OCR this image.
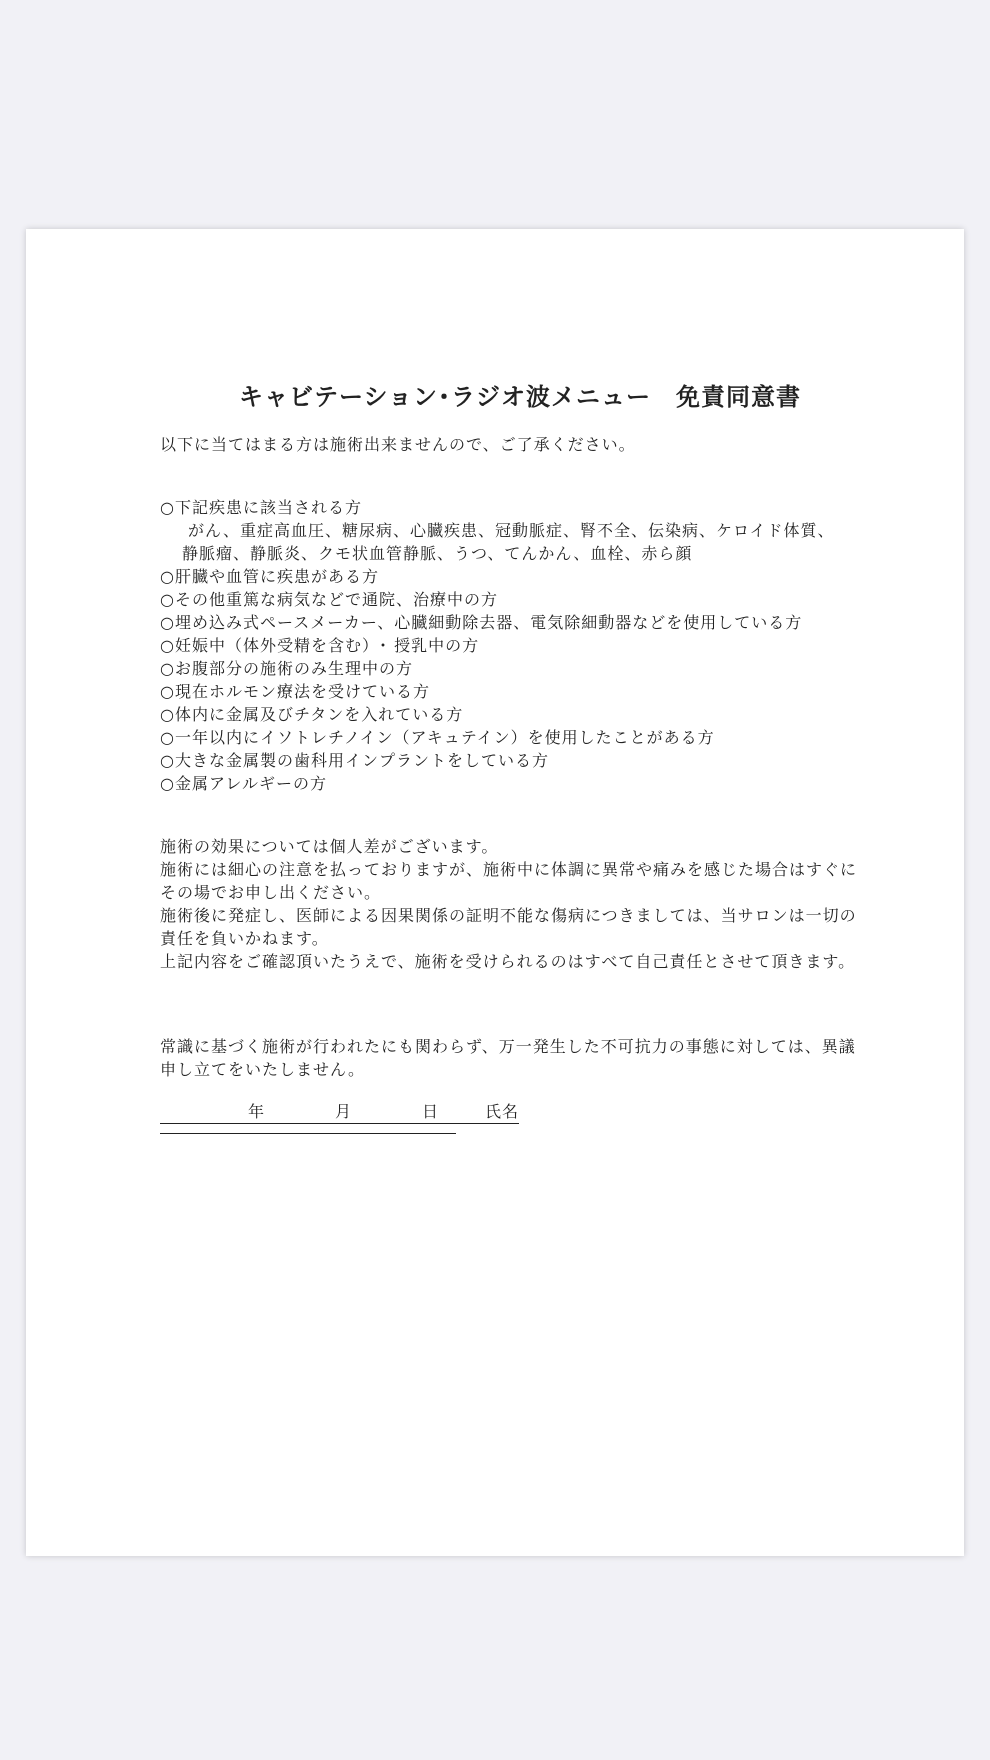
キャビテーション･ラジオ波メニュー　免責同意書
以下に当てはまる方は施術出来ませんので、ご了承ください。
○下記疾患に該当される方
がん、重症高血圧、糖尿病、心臓疾患、冠動脈症、腎不全、伝染病、ケロイド体質、
静脈瘤、静脈炎、クモ状血管静脈、うつ、てんかん、血栓、赤ら顔
○肝臓や血管に疾患がある方
○その他重篤な病気などで通院、治療中の方
○埋め込み式ペースメーカー、心臓細動除去器、電気除細動器などを使用している方
○妊娠中（体外受精を含む）･ 授乳中の方
○お腹部分の施術のみ生理中の方
○現在ホルモン療法を受けている方
○体内に金属及びチタンを入れている方
○一年以内にイソトレチノイン（アキュテイン）を使用したことがある方
○大きな金属製の歯科用インプラントをしている方
○金属アレルギーの方

施術の効果については個人差がございます。

施術には細心の注意を払っておりますが、施術中に体調に異常や痛みを感じた場合はすぐにその場でお申し出ください。

施術後に発症し、医師による因果関係の証明不能な傷病につきましては、当サロンは一切の責任を負いかねます。

上記内容をご確認頂いたうえで、施術を受けられるのはすべて自己責任とさせて頂きます。

常識に基づく施術が行われたにも関わらず、万一発生した不可抗力の事態に対しては、異議申し立てをいたしません。

年	月	日	氏名
